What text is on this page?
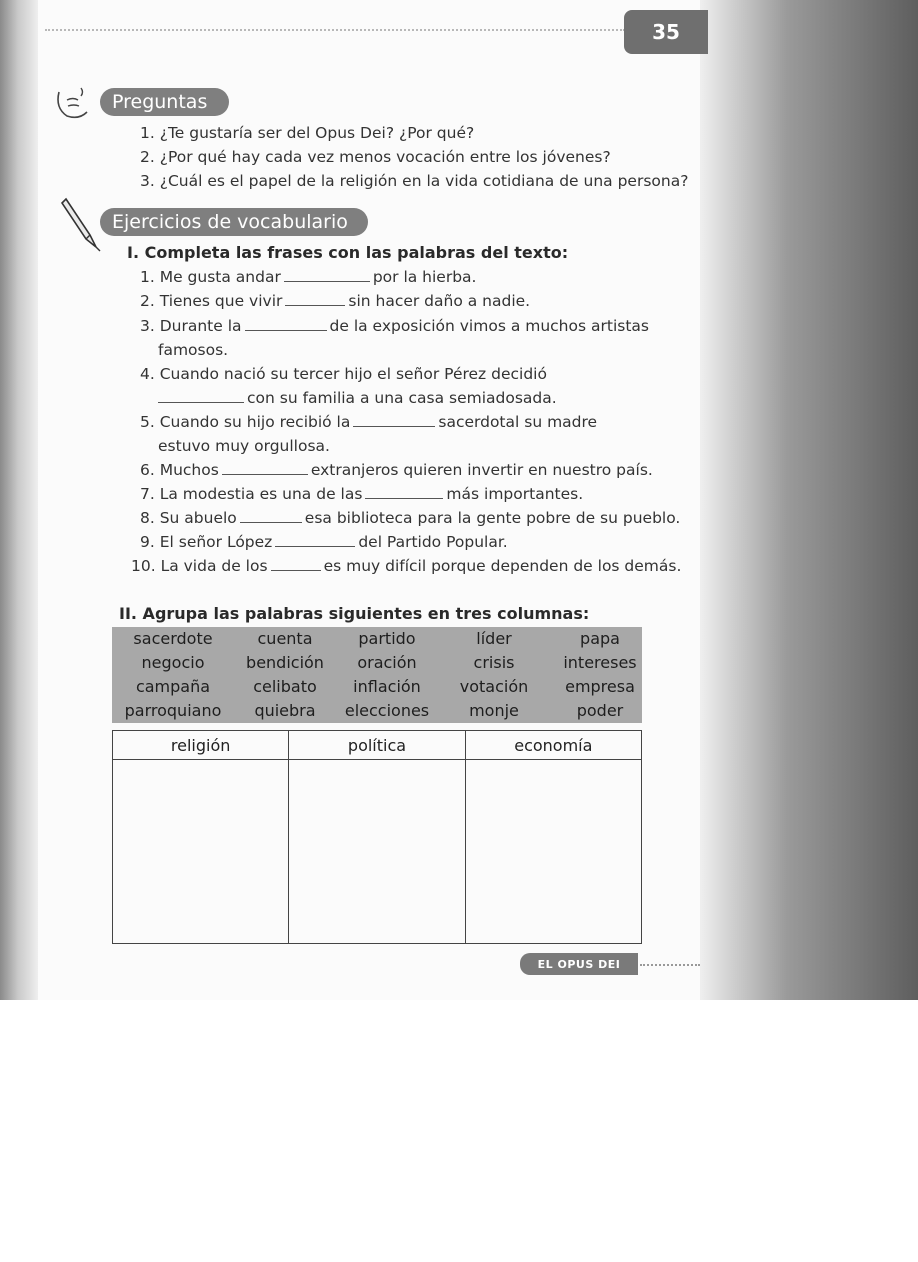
35
Preguntas
1. ¿Te gustaría ser del Opus Dei? ¿Por qué?
2. ¿Por qué hay cada vez menos vocación entre los jóvenes?
3. ¿Cuál es el papel de la religión en la vida cotidiana de una persona?
Ejercicios de vocabulario
I. Completa las frases con las palabras del texto:
1. Me gusta andar	por la hierba.
2. Tienes que vivir	sin hacer daño a nadie.
3. Durante la	de la exposición vimos a muchos artistas
famosos.
4. Cuando nació su tercer hijo el señor Pérez decidió
con su familia a una casa semiadosada.
5. Cuando su hijo recibió la	sacerdotal su madre
estuvo muy orgullosa.
6. Muchos	extranjeros quieren invertir en nuestro país.
7. La modestia es una de las	más importantes.
8. Su abuelo	esa biblioteca para la gente pobre de su pueblo.
9. El señor López	del Partido Popular.
10. La vida de los	es muy difícil porque dependen de los demás.
II. Agrupa las palabras siguientes en tres columnas:
sacerdote	cuenta	partido	líder	papa
negocio	bendición	oración	crisis	intereses
campaña	celibato	inflación	votación	empresa
parroquiano	quiebra	elecciones	monje	poder
religión	política	economía

EL OPUS DEI
